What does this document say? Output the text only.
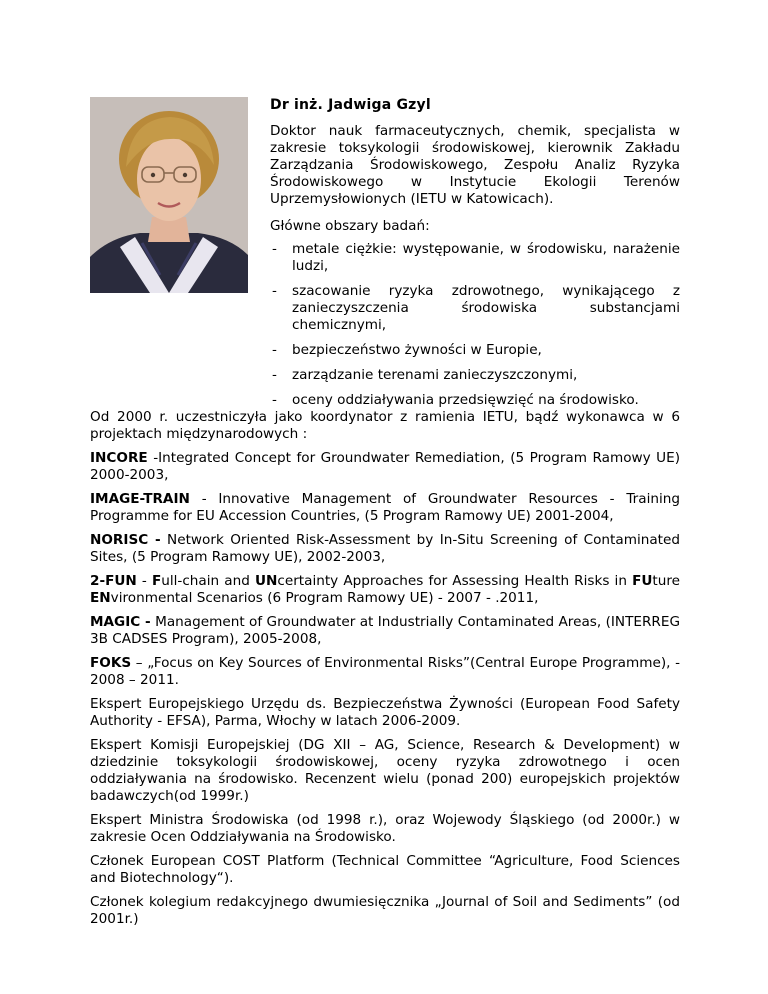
Dr inż. Jadwiga Gzyl

Doktor nauk farmaceutycznych, chemik, specjalista w zakresie toksykologii środowiskowej, kierownik Zakładu Zarządzania Środowiskowego, Zespołu Analiz Ryzyka Środowiskowego w Instytucie Ekologii Terenów Uprzemysłowionych (IETU w Katowicach).

Główne obszary badań:

- metale ciężkie: występowanie, w środowisku, narażenie ludzi,
- szacowanie ryzyka zdrowotnego, wynikającego z zanieczyszczenia środowiska substancjami chemicznymi,
- bezpieczeństwo żywności w Europie,
- zarządzanie terenami zanieczyszczonymi,
- oceny oddziaływania przedsięwzięć na środowisko.

Od 2000 r. uczestniczyła jako koordynator z ramienia IETU, bądź wykonawca w 6 projektach międzynarodowych :

INCORE -Integrated Concept for Groundwater Remediation, (5 Program Ramowy UE) 2000-2003,

IMAGE-TRAIN - Innovative Management of Groundwater Resources - Training Programme for EU Accession Countries, (5 Program Ramowy UE) 2001-2004,

NORISC - Network Oriented Risk-Assessment by In-Situ Screening of Contaminated Sites, (5 Program Ramowy UE), 2002-2003,

2-FUN - Full-chain and UNcertainty Approaches for Assessing Health Risks in FUture ENvironmental Scenarios (6 Program Ramowy UE) - 2007 - .2011,

MAGIC - Management of Groundwater at Industrially Contaminated Areas, (INTERREG 3B CADSES Program), 2005-2008,

FOKS – „Focus on Key Sources of Environmental Risks”(Central Europe Programme), - 2008 – 2011.

Ekspert Europejskiego Urzędu ds. Bezpieczeństwa Żywności (European Food Safety Authority - EFSA), Parma, Włochy w latach 2006-2009.

Ekspert Komisji Europejskiej (DG XII – AG, Science, Research & Development) w dziedzinie toksykologii środowiskowej, oceny ryzyka zdrowotnego i ocen oddziaływania na środowisko. Recenzent wielu (ponad 200) europejskich projektów badawczych(od 1999r.)

Ekspert Ministra Środowiska (od 1998 r.), oraz Wojewody Śląskiego (od 2000r.) w zakresie Ocen Oddziaływania na Środowisko.

Członek European COST Platform (Technical Committee “Agriculture, Food Sciences and Biotechnology“).

Członek kolegium redakcyjnego dwumiesięcznika „Journal of Soil and Sediments” (od 2001r.)
